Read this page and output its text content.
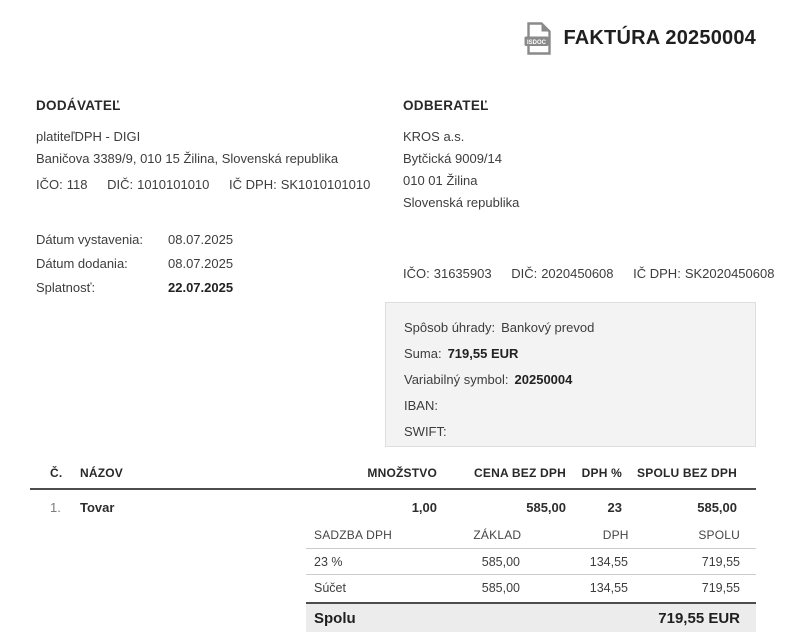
ISDOC FAKTÚRA 20250004
DODÁVATEĽ
platiteľDPH - DIGI
Baničova 3389/9, 010 15 Žilina, Slovenská republika
IČO: 118 DIČ: 1010101010 IČ DPH: SK1010101010
ODBERATEĽ
KROS a.s.
Bytčická 9009/14
010 01 Žilina
Slovenská republika
IČO: 31635903 DIČ: 2020450608 IČ DPH: SK2020450608
Dátum vystavenia:	08.07.2025
Dátum dodania:	08.07.2025
Splatnosť:	22.07.2025
Spôsob úhrady: Bankový prevod
Suma: 719,55 EUR
Variabilný symbol: 20250004
IBAN:
SWIFT:
Č.	NÁZOV	MNOŽSTVO	CENA BEZ DPH	DPH %	SPOLU BEZ DPH
1.	Tovar	1,00	585,00	23	585,00
SADZBA DPH	ZÁKLAD	DPH	SPOLU
23 %	585,00	134,55	719,55
Súčet	585,00	134,55	719,55
Spolu	719,55 EUR
